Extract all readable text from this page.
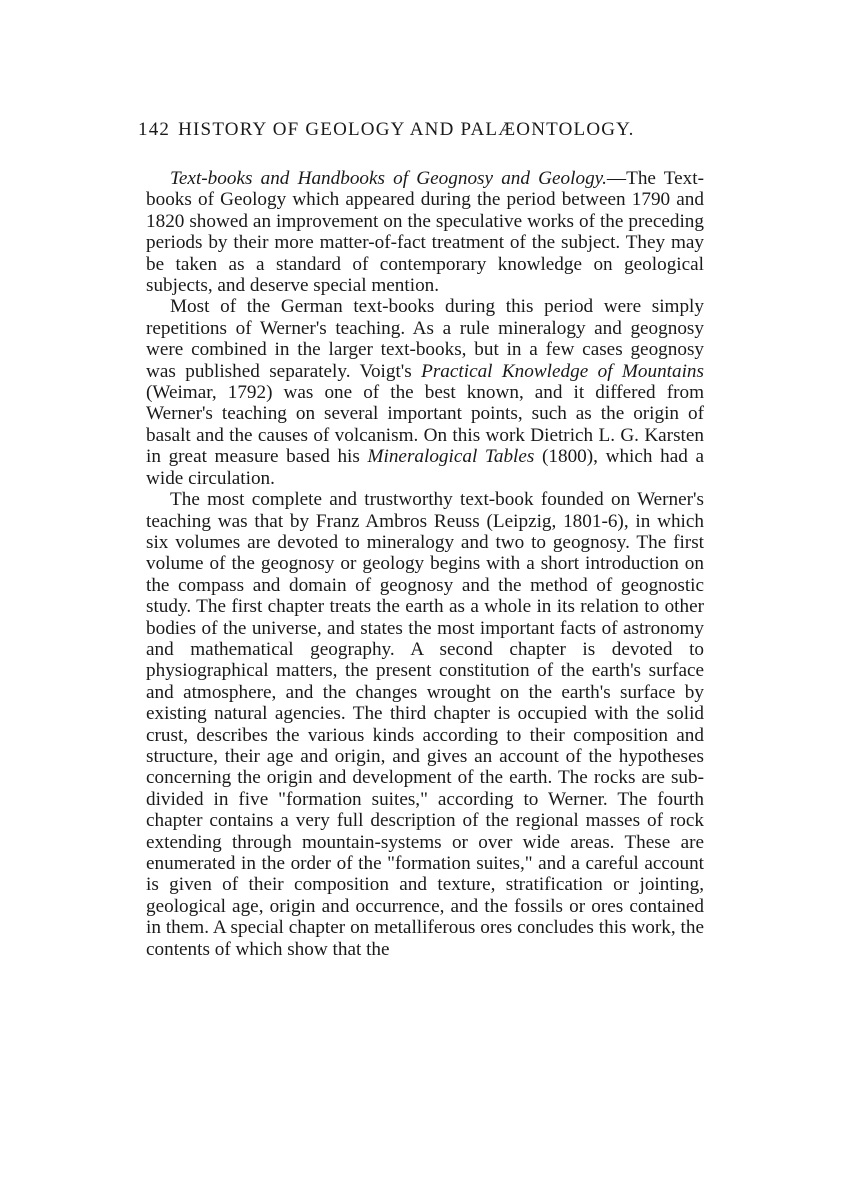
142 HISTORY OF GEOLOGY AND PALÆONTOLOGY.

Text-books and Handbooks of Geognosy and Geology.—The Text-books of Geology which appeared during the period between 1790 and 1820 showed an improvement on the speculative works of the preceding periods by their more matter-of-fact treatment of the subject. They may be taken as a standard of contemporary knowledge on geological subjects, and deserve special mention.

Most of the German text-books during this period were simply repetitions of Werner's teaching. As a rule mineralogy and geognosy were combined in the larger text-books, but in a few cases geognosy was published separately. Voigt's Practical Knowledge of Mountains (Weimar, 1792) was one of the best known, and it differed from Werner's teaching on several important points, such as the origin of basalt and the causes of volcanism. On this work Dietrich L. G. Karsten in great measure based his Mineralogical Tables (1800), which had a wide circulation.

The most complete and trustworthy text-book founded on Werner's teaching was that by Franz Ambros Reuss (Leipzig, 1801-6), in which six volumes are devoted to mineralogy and two to geognosy. The first volume of the geognosy or geology begins with a short introduction on the compass and domain of geognosy and the method of geognostic study. The first chapter treats the earth as a whole in its relation to other bodies of the universe, and states the most important facts of astronomy and mathematical geography. A second chapter is devoted to physiographical matters, the present constitution of the earth's surface and atmosphere, and the changes wrought on the earth's surface by existing natural agencies. The third chapter is occupied with the solid crust, describes the various kinds according to their composition and structure, their age and origin, and gives an account of the hypotheses concerning the origin and development of the earth. The rocks are sub-divided in five "formation suites," according to Werner. The fourth chapter contains a very full description of the regional masses of rock extending through mountain-systems or over wide areas. These are enumerated in the order of the "formation suites," and a careful account is given of their composition and texture, stratification or jointing, geological age, origin and occurrence, and the fossils or ores contained in them. A special chapter on metalliferous ores concludes this work, the contents of which show that the
